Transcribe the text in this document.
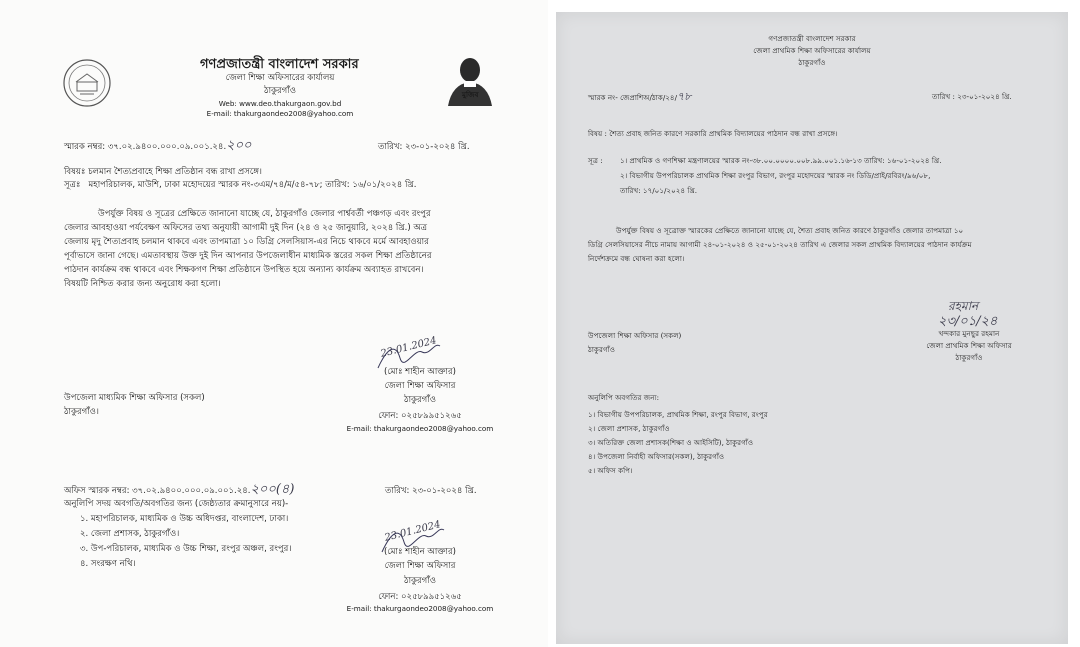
গণপ্রজাতন্ত্রী বাংলাদেশ সরকার
জেলা শিক্ষা অফিসারের কার্যালয়
ঠাকুরগাঁও
Web: www.deo.thakurgaon.gov.bd
E-mail: thakurgaondeo2008@yahoo.com
মুজিব
স্মারক নম্বর: ৩৭.০২.৯৪০০.০০০.০৯.০০১.২৪.২০০	তারিখ: ২৩-০১-২০২৪ খ্রি.
বিষয়ঃ চলমান শৈত্যপ্রবাহে শিক্ষা প্রতিষ্ঠান বন্ধ রাখা প্রসঙ্গে।
সূত্রঃ মহাপরিচালক, মাউশি, ঢাকা মহোদয়ের স্মারক নং-৩এম/৭৪/ম/৫৪-৭৮; তারিখ: ১৬/০১/২০২৪ খ্রি.
উপর্যুক্ত বিষয় ও সূত্রের প্রেক্ষিতে জানানো যাচ্ছে যে, ঠাকুরগাঁও জেলার পার্শ্ববর্তী পঞ্চগড় এবং রংপুর
জেলার আবহাওয়া পর্যবেক্ষণ অফিসের তথ্য অনুযায়ী আগামী দুই দিন (২৪ ও ২৫ জানুয়ারি, ২০২৪ খ্রি.) অত্র
জেলায় মৃদু শৈত্যপ্রবাহ চলমান থাকবে এবং তাপমাত্রা ১০ ডিগ্রি সেলসিয়াস-এর নিচে থাকবে মর্মে আবহাওয়ার
পূর্বাভাসে জানা গেছে। এমতাবস্থায় উক্ত দুই দিন আপনার উপজেলাধীন মাধ্যমিক স্তরের সকল শিক্ষা প্রতিষ্ঠানের
পাঠদান কার্যক্রম বন্ধ থাকবে এবং শিক্ষকগণ শিক্ষা প্রতিষ্ঠানে উপস্থিত হয়ে অন্যান্য কার্যক্রম অব্যাহত রাখবেন।
বিষয়টি নিশ্চিত করার জন্য অনুরোধ করা হলো।
23.01.2024
(মোঃ শাহীন আক্তার)
জেলা শিক্ষা অফিসার
ঠাকুরগাঁও
ফোন: ০২৫৮৯৯৫১২৬৫
E-mail: thakurgaondeo2008@yahoo.com
উপজেলা মাধ্যমিক শিক্ষা অফিসার (সকল)
ঠাকুরগাঁও।
অফিস স্মারক নম্বর: ৩৭.০২.৯৪০০.০০০.০৯.০০১.২৪.২০০(৪)	তারিখ: ২৩-০১-২০২৪ খ্রি.
অনুলিপি সদয় অবগতি/অবগতির জন্য (জেষ্ঠ্যতার ক্রমানুসারে নয়)-
১. মহাপরিচালক, মাধ্যমিক ও উচ্চ অধিদপ্তর, বাংলাদেশ, ঢাকা।
২. জেলা প্রশাসক, ঠাকুরগাঁও।
৩. উপ-পরিচালক, মাধ্যমিক ও উচ্চ শিক্ষা, রংপুর অঞ্চল, রংপুর।
৪. সংরক্ষণ নথি।
23.01.2024
(মোঃ শাহীন আক্তার)
জেলা শিক্ষা অফিসার
ঠাকুরগাঁও
ফোন: ০২৫৮৯৯৫১২৬৫
E-mail: thakurgaondeo2008@yahoo.com
গণপ্রজাতন্ত্রী বাংলাদেশ সরকার
জেলা প্রাথমিক শিক্ষা অফিসারের কার্যালয়
ঠাকুরগাঁও
স্মারক নং- জেপ্রাশিঅ/ঠাক/২৪/৭৮	তারিখ : ২৩-০১-২০২৪ খ্রি.
বিষয় : শৈত্য প্রবাহ জনিত কারণে সরকারি প্রাথমিক বিদ্যালয়ের পাঠদান বন্ধ রাখা প্রসঙ্গে।
সূত্র : ১। প্রাথমিক ও গণশিক্ষা মন্ত্রণালয়ের স্মারক নং-৩৮.০০.০০০০.০০৮.৯৯.০০১.১৬-১৩ তারিখ: ১৬-০১-২০২৪ খ্রি.
২। বিভাগীয় উপপরিচালক প্রাথমিক শিক্ষা রংপুর বিভাগ, রংপুর মহোদয়ের স্মারক নং ডিডি/প্রাই/রবিরং/৯৬/০৮,
তারিখ: ১৭/০১/২০২৪ খ্রি.
উপর্যুক্ত বিষয় ও সূত্রোক্ত স্মারকের প্রেক্ষিতে জানানো যাচ্ছে যে, শৈত্য প্রবাহ জনিত কারণে ঠাকুরগাঁও জেলার তাপমাত্রা ১০
ডিগ্রি সেলসিয়াসের নীচে নামায় আগামী ২৪-০১-২০২৪ ও ২৫-০১-২০২৪ তারিখ এ জেলার সকল প্রাথমিক বিদ্যালয়ের পাঠদান কার্যক্রম
নির্দেশক্রমে বন্ধ ঘোষনা করা হলো।
রহমান
২৩/০১/২৪
খন্দকার মুনছুর রহমান
জেলা প্রাথমিক শিক্ষা অফিসার
ঠাকুরগাঁও
উপজেলা শিক্ষা অফিসার (সকল)
ঠাকুরগাঁও
অনুলিপি অবগতির জন্য:
১। বিভাগীয় উপপরিচালক, প্রাথমিক শিক্ষা, রংপুর বিভাগ, রংপুর
২। জেলা প্রশাসক, ঠাকুরগাঁও
৩। অতিরিক্ত জেলা প্রশাসক(শিক্ষা ও আইসিটি), ঠাকুরগাঁও
৪। উপজেলা নির্বাহী অফিসার(সকল), ঠাকুরগাঁও
৫। অফিস কপি।
